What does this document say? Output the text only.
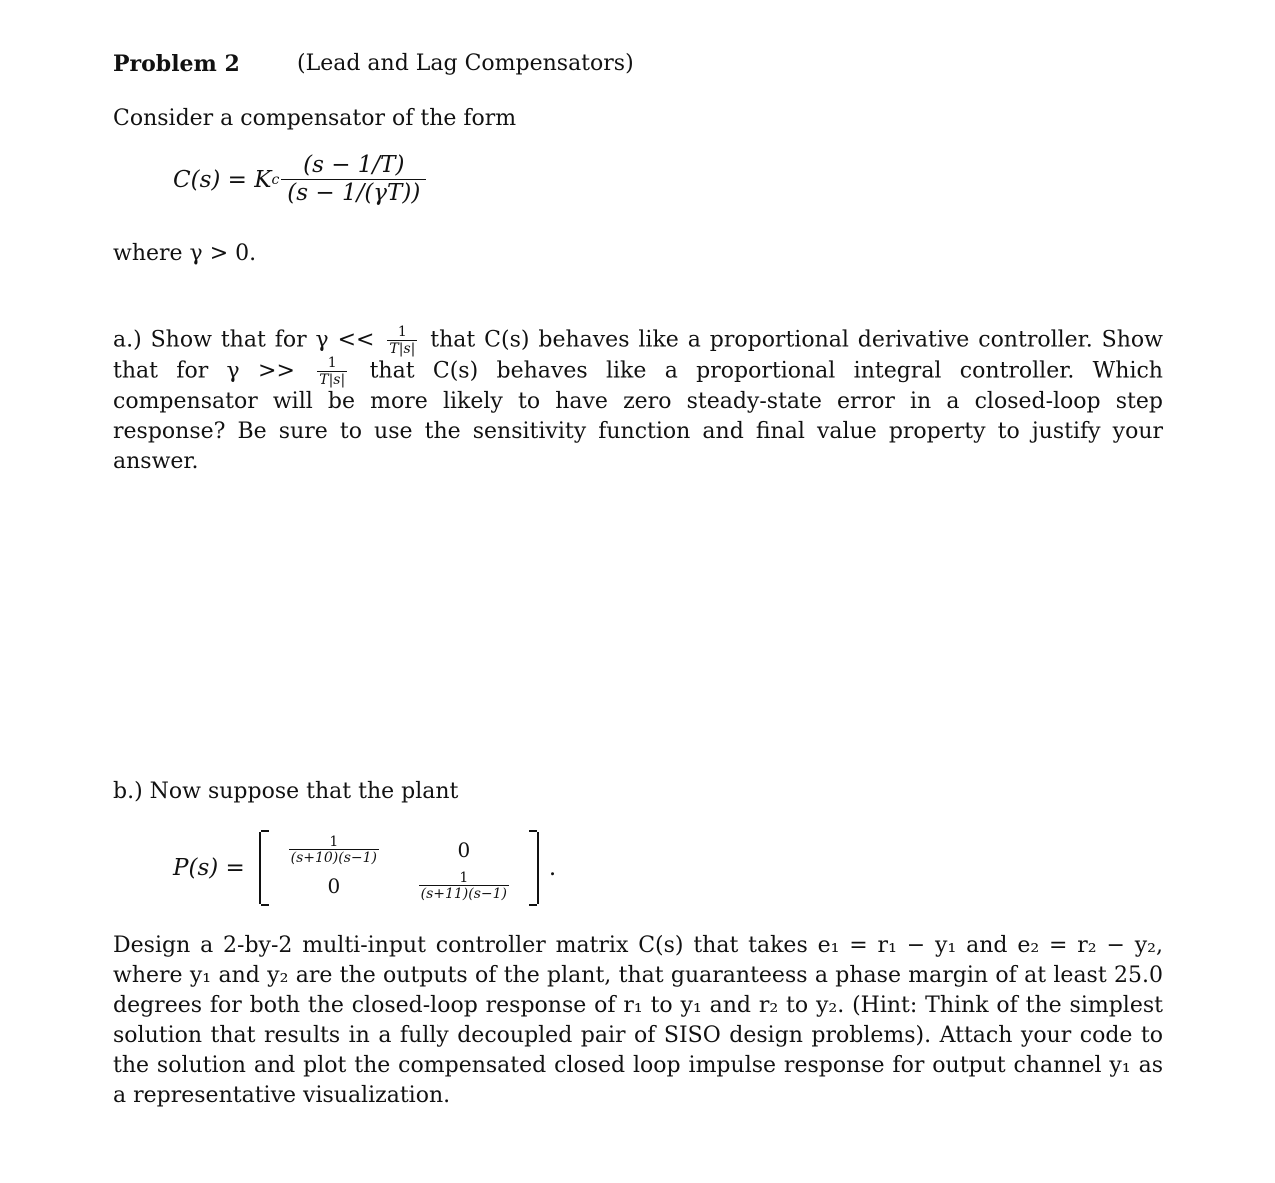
Problem 2	(Lead and Lag Compensators)
Consider a compensator of the form
C(s) = K c $\frac{(s - 1/T)}{(s - 1/(\gamma T))}$
where γ > 0.
a.) Show that for $\gamma << \frac{1}{T|s|}$ that C(s) behaves like a proportional derivative controller. Show that for $\gamma >> \frac{1}{T|s|}$ that C(s) behaves like a proportional integral controller. Which compensator will be more likely to have zero steady-state error in a closed-loop step response? Be sure to use the sensitivity function and final value property to justify your answer.
b.) Now suppose that the plant
P(s) =
$\frac{1}{(s+10)(s-1)}$	0
0	$\frac{1}{(s+11)(s-1)}$
.
Design a 2-by-2 multi-input controller matrix C(s) that takes e₁ = r₁ − y₁ and e₂ = r₂ − y₂, where y₁ and y₂ are the outputs of the plant, that guaranteess a phase margin of at least 25.0 degrees for both the closed-loop response of r₁ to y₁ and r₂ to y₂. (Hint: Think of the simplest solution that results in a fully decoupled pair of SISO design problems). Attach your code to the solution and plot the compensated closed loop impulse response for output channel y₁ as a representative visualization.
